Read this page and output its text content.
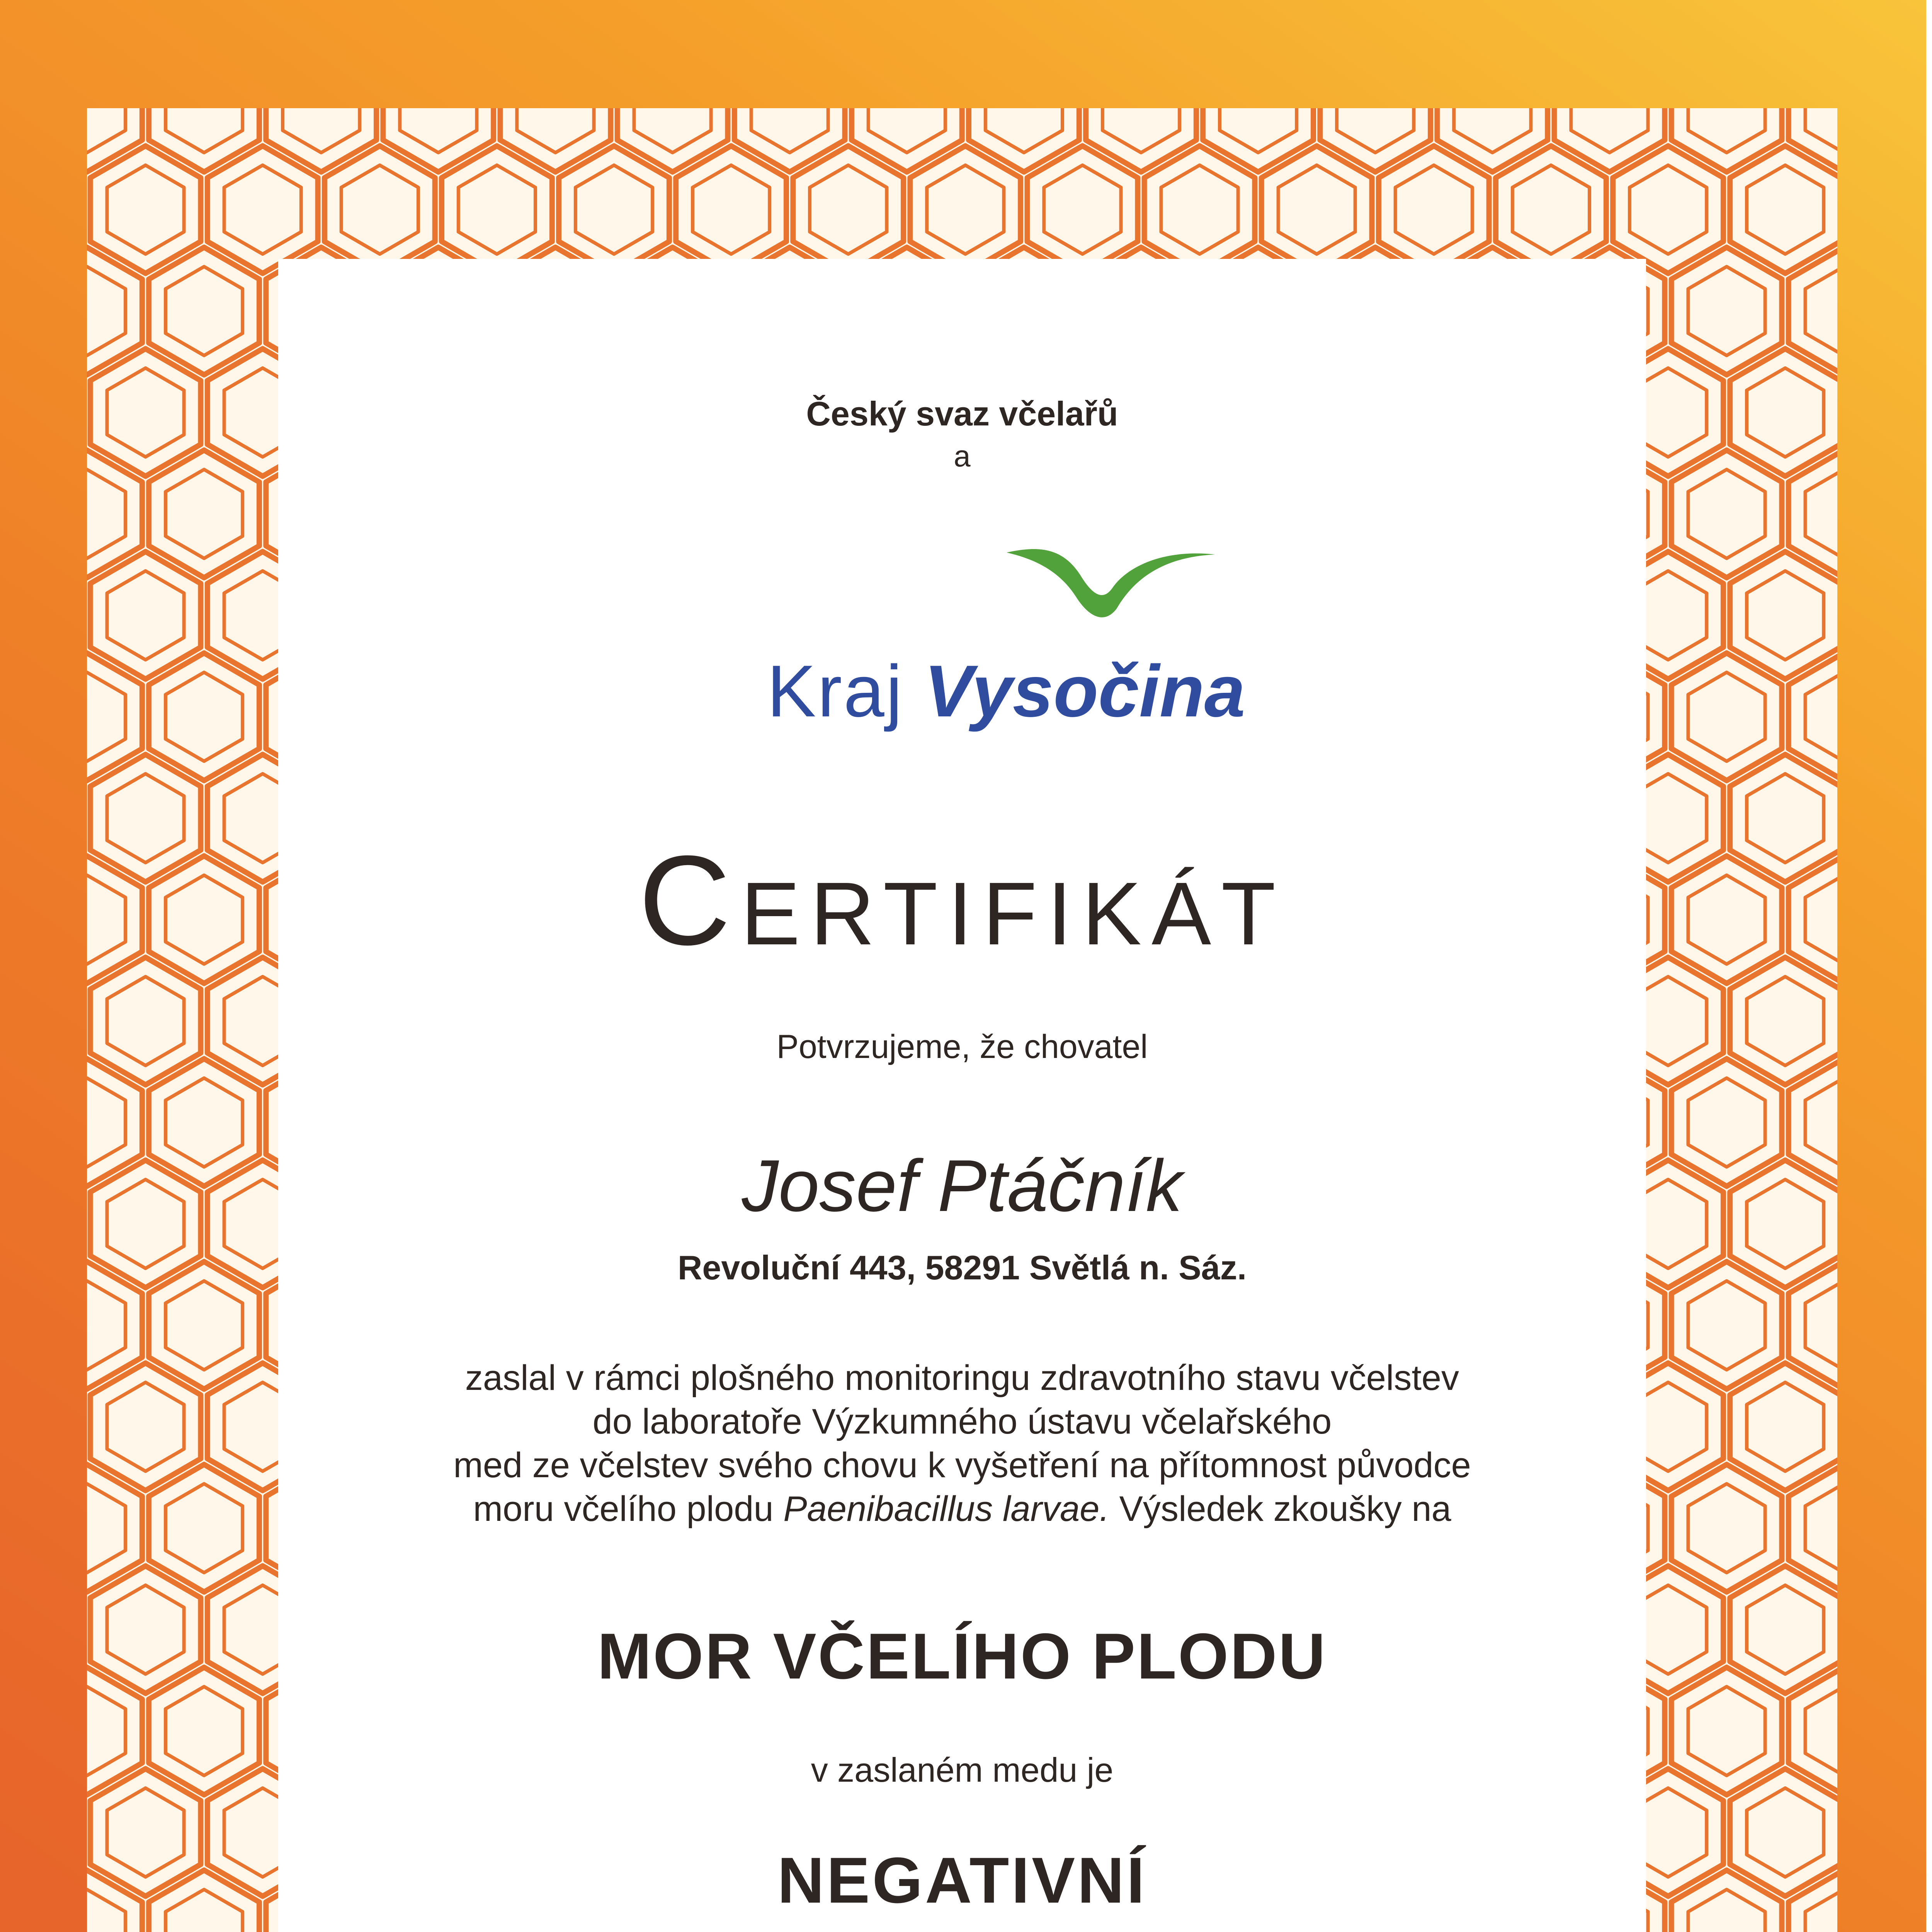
Český svaz včelařů
a
Kraj Vysočina
Certifikát
Potvrzujeme, že chovatel
Josef Ptáčník
Revoluční 443, 58291 Světlá n. Sáz.
zaslal v rámci plošného monitoringu zdravotního stavu včelstev
do laboratoře Výzkumného ústavu včelařského
med ze včelstev svého chovu k vyšetření na přítomnost původce
moru včelího plodu Paenibacillus larvae. Výsledek zkoušky na
MOR VČELÍHO PLODU
v zaslaném medu je
NEGATIVNÍ
